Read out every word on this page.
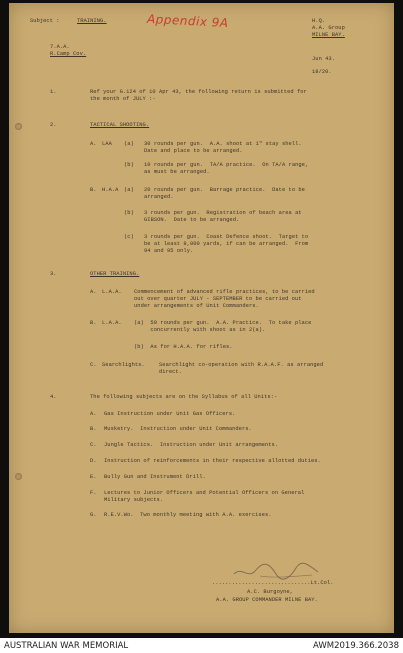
Subject :	TRAINING.	Appendix 9A	H.Q.
A.A. Group
MILNE BAY.
7.A.A.
R.Camp Cov.
Jun 43.
18/20.
1.	Ref your G.124 of 10 Apr 43, the following return is submitted for
the month of JULY :-
2.	TACTICAL SHOOTING.
A. LAA (a) 30 rounds per gun.  A.A. shoot at 1" stay shell.
Date and place to be arranged.
(b) 10 rounds per gun.  TA/A practice.  On TA/A range,
as must be arranged.
B. H.A.A (a) 20 rounds per gun.  Barrage practice.  Date to be
arranged.
(b) 3 rounds per gun.  Registration of beach area at
GIBSON.  Date to be arranged.
(c) 3 rounds per gun.  Coast Defence shoot.  Target to
be at least 8,000 yards, if can be arranged.  From
94 and 95 only.
3.	OTHER TRAINING.
A. L.A.A. Commencement of advanced rifle practices, to be carried
out over quarter JULY - SEPTEMBER to be carried out
under arrangements of Unit Commanders.
B. L.A.A. (a)  50 rounds per gun.  A.A. Practice.  To take place
concurrently with shoot as in 2(a).
(b)  As for H.A.A. for rifles.
C. Searchlights.	Searchlight co-operation with R.A.A.F. as arranged
direct.
4.	The following subjects are on the Syllabus of all Units:-
A. Gas Instruction under Unit Gas Officers.
B. Musketry.  Instruction under Unit Commanders.
C. Jungle Tactics.  Instruction under Unit arrangements.
D. Instruction of reinforcements in their respective allotted duties.
E. Bully Gun and Instrument Drill.
F. Lectures to Junior Officers and Potential Officers on General
Military subjects.
G. R.E.V.Wo.  Two monthly meeting with A.A. exercises.
..............................Lt.Col.
A.C. Burgoyne,
A.A. GROUP COMMANDER MILNE BAY.
AUSTRALIAN WAR MEMORIAL	AWM2019.366.2038
